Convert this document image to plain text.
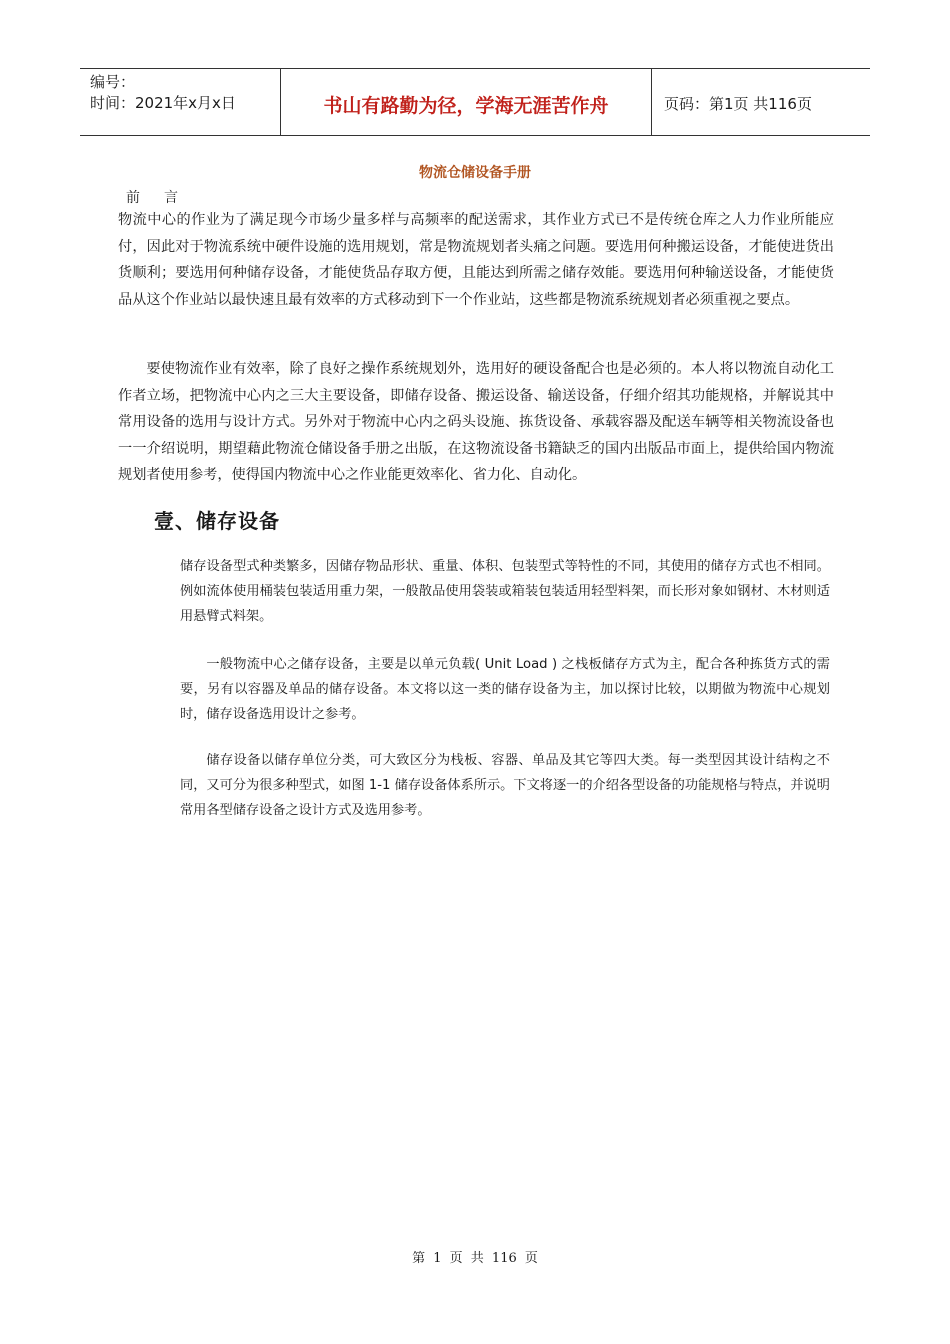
编号：
时间：2021年x月x日	书山有路勤为径，学海无涯苦作舟	页码：第1页 共116页
物流仓储设备手册
前言

物流中心的作业为了满足现今市场少量多样与高频率的配送需求，其作业方式已不是传统仓库之人力作业所能应付，因此对于物流系统中硬件设施的选用规划，常是物流规划者头痛之问题。要选用何种搬运设备，才能使进货出货顺利；要选用何种储存设备，才能使货品存取方便，且能达到所需之储存效能。要选用何种输送设备，才能使货品从这个作业站以最快速且最有效率的方式移动到下一个作业站，这些都是物流系统规划者必须重视之要点。

要使物流作业有效率，除了良好之操作系统规划外，选用好的硬设备配合也是必须的。本人将以物流自动化工作者立场，把物流中心内之三大主要设备，即储存设备、搬运设备、输送设备，仔细介绍其功能规格，并解说其中常用设备的选用与设计方式。另外对于物流中心内之码头设施、拣货设备、承载容器及配送车辆等相关物流设备也一一介绍说明，期望藉此物流仓储设备手册之出版，在这物流设备书籍缺乏的国内出版品市面上，提供给国内物流规划者使用参考，使得国内物流中心之作业能更效率化、省力化、自动化。

壹、储存设备

储存设备型式种类繁多，因储存物品形状、重量、体积、包装型式等特性的不同，其使用的储存方式也不相同。例如流体使用桶装包装适用重力架，一般散品使用袋装或箱装包装适用轻型料架，而长形对象如钢材、木材则适用悬臂式料架。

一般物流中心之储存设备，主要是以单元负载( Unit Load ) 之栈板储存方式为主，配合各种拣货方式的需要，另有以容器及单品的储存设备。本文将以这一类的储存设备为主，加以探讨比较，以期做为物流中心规划时，储存设备选用设计之参考。

储存设备以储存单位分类，可大致区分为栈板、容器、单品及其它等四大类。每一类型因其设计结构之不同，又可分为很多种型式，如图 1-1 储存设备体系所示。下文将逐一的介绍各型设备的功能规格与特点，并说明常用各型储存设备之设计方式及选用参考。

第 1 页 共 116 页
